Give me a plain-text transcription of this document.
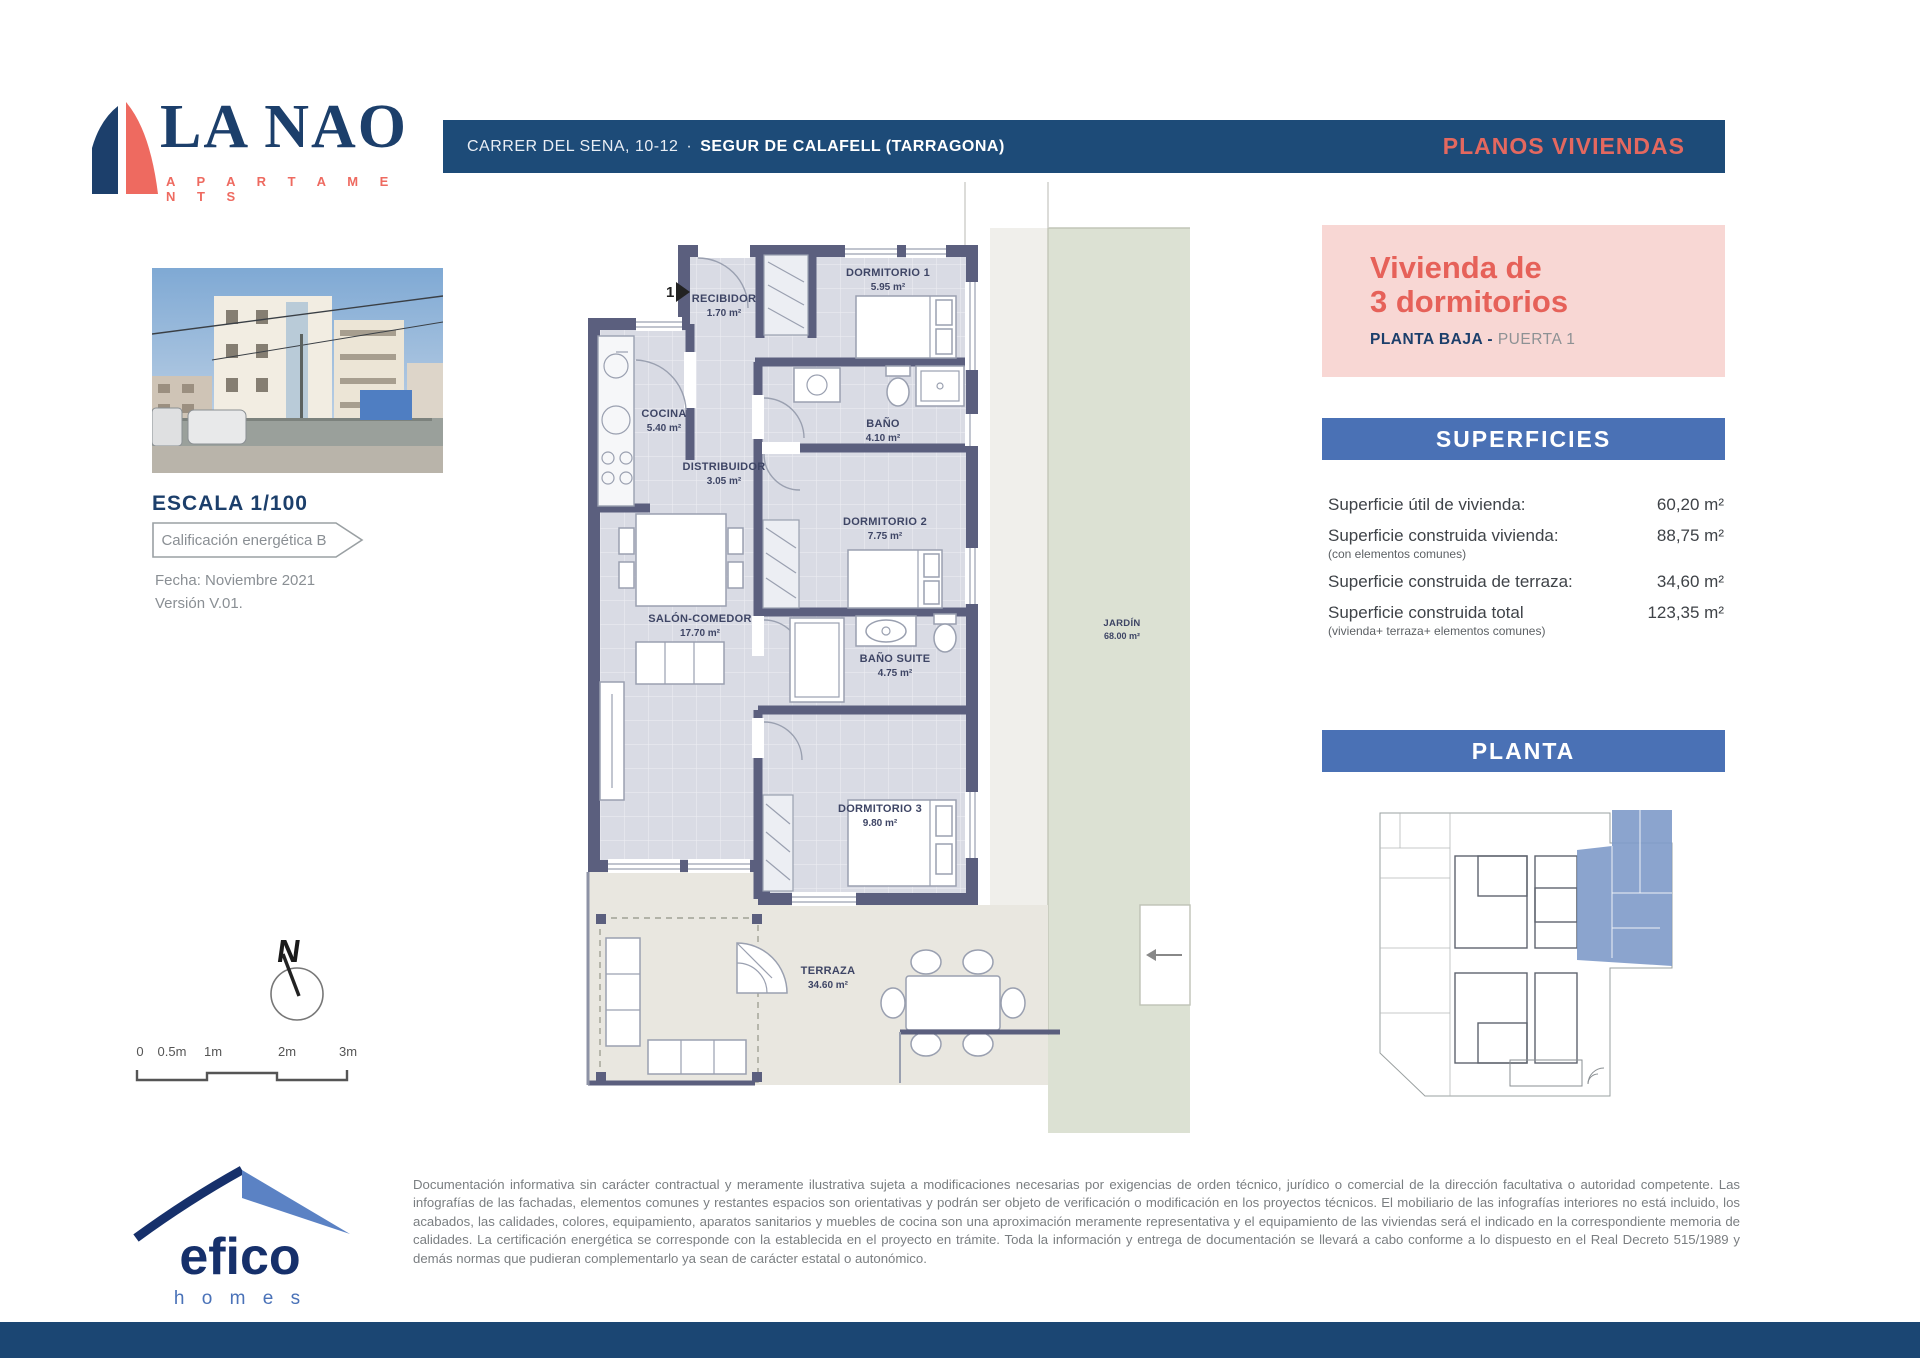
LA NAO
A P A R T A M E N T S
CARRER DEL SENA, 10-12 · SEGUR DE CALAFELL (TARRAGONA)	PLANOS VIVIENDAS
ESCALA 1/100
Calificación energética B
Fecha: Noviembre 2021
Versión V.01.
N
0 0.5m 1m	2m	3m
Vivienda de
3 dormitorios
PLANTA BAJA - PUERTA 1
SUPERFICIES
Superficie útil de vivienda:	60,20 m²
Superficie construida vivienda:
(con elementos comunes)
88,75 m²
Superficie construida de terraza:	34,60 m²
Superficie construida total
(vivienda+ terraza+ elementos comunes)
123,35 m²
PLANTA
1 RECIBIDOR
1.70 m²
DORMITORIO 1
5.95 m²
COCINA
5.40 m²
DISTRIBUIDOR
3.05 m²
BAÑO
4.10 m²
DORMITORIO 2
7.75 m²
SALÓN-COMEDOR
17.70 m²
BAÑO SUITE
4.75 m²
DORMITORIO 3
9.80 m²
TERRAZA
34.60 m²
JARDÍN
68.00 m²
efico
h o m e s
Documentación informativa sin carácter contractual y meramente ilustrativa sujeta a modificaciones necesarias por exigencias de orden técnico, jurídico o comercial de la dirección facultativa o autoridad competente. Las infografías de las fachadas, elementos comunes y restantes espacios son orientativas y podrán ser objeto de verificación o modificación en los proyectos técnicos. El mobiliario de las infografías interiores no está incluido, los acabados, las calidades, colores, equipamiento, aparatos sanitarios y muebles de cocina son una aproximación meramente representativa y el equipamiento de las viviendas será el indicado en la correspondiente memoria de calidades. La certificación energética se corresponde con la establecida en el proyecto en trámite. Toda la información y entrega de documentación se llevará a cabo conforme a lo dispuesto en el Real Decreto 515/1989 y demás normas que pudieran complementarlo ya sean de carácter estatal o autonómico.
